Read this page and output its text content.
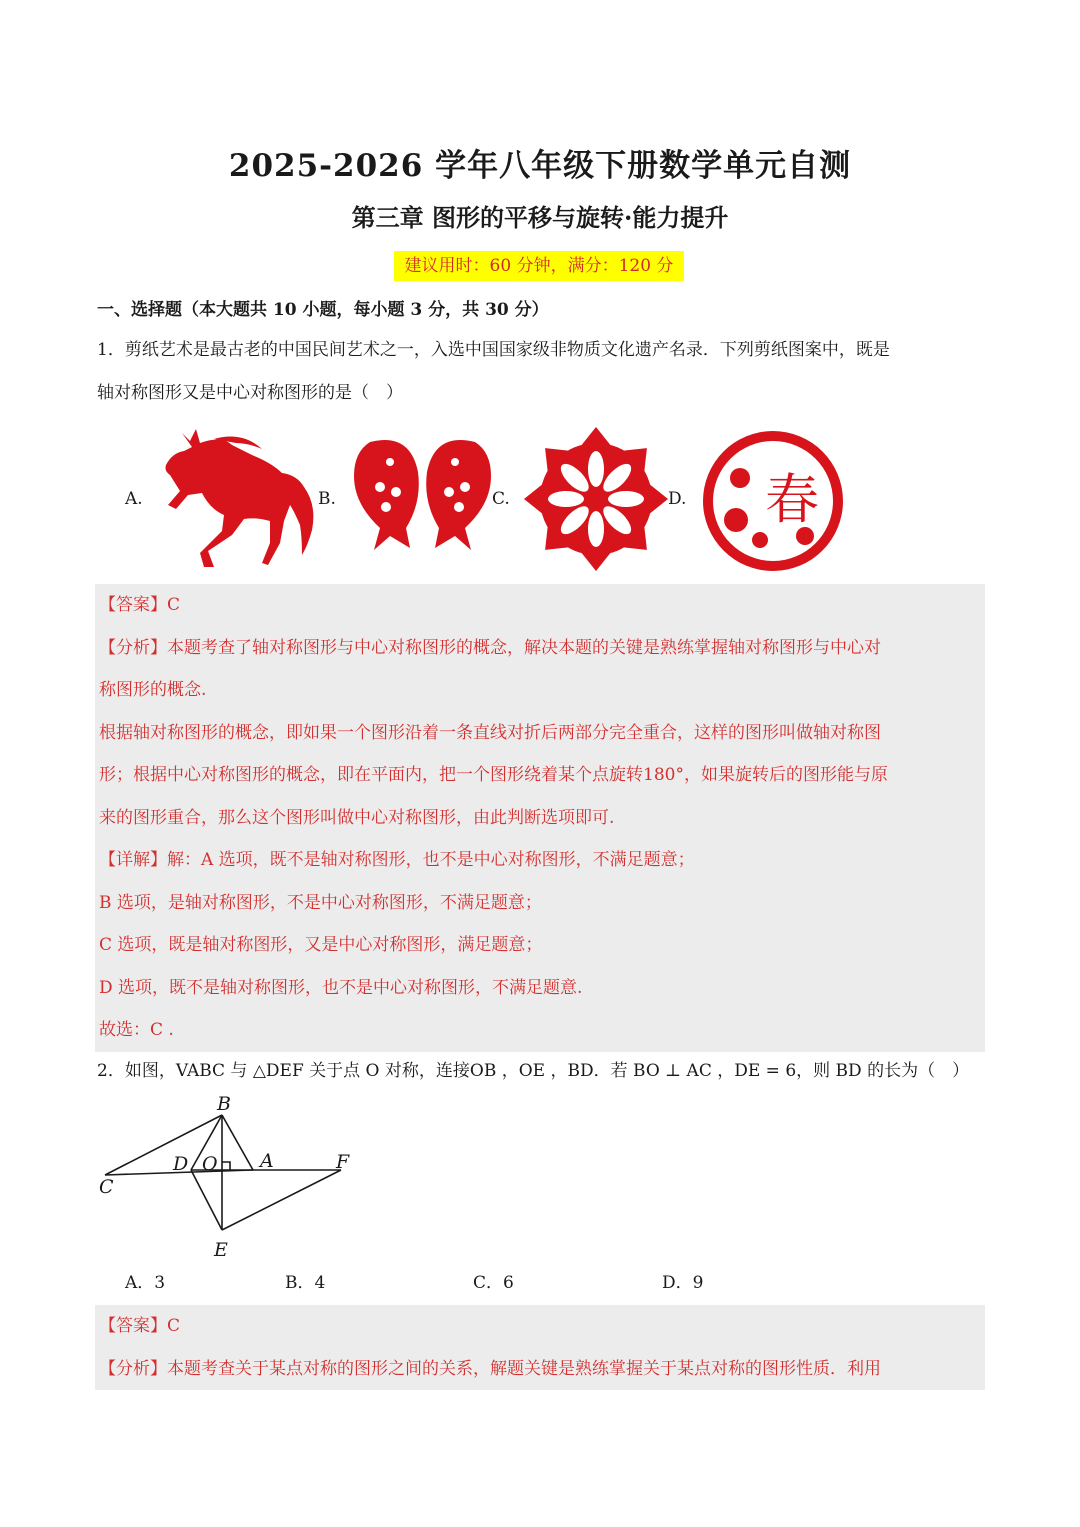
2025-2026 学年八年级下册数学单元自测
第三章 图形的平移与旋转·能力提升
建议用时：60 分钟，满分：120 分
一、选择题（本大题共 10 小题，每小题 3 分，共 30 分）
1．剪纸艺术是最古老的中国民间艺术之一，入选中国国家级非物质文化遗产名录．下列剪纸图案中，既是
轴对称图形又是中心对称图形的是（　）
A.	B.	C.	D. 春

【答案】C

【分析】本题考查了轴对称图形与中心对称图形的概念，解决本题的关键是熟练掌握轴对称图形与中心对

称图形的概念.

根据轴对称图形的概念，即如果一个图形沿着一条直线对折后两部分完全重合，这样的图形叫做轴对称图

形；根据中心对称图形的概念，即在平面内，把一个图形绕着某个点旋转180°，如果旋转后的图形能与原

来的图形重合，那么这个图形叫做中心对称图形，由此判断选项即可.

【详解】解：A 选项，既不是轴对称图形，也不是中心对称图形，不满足题意；

B 选项，是轴对称图形，不是中心对称图形，不满足题意；

C 选项，既是轴对称图形，又是中心对称图形，满足题意；

D 选项，既不是轴对称图形，也不是中心对称图形，不满足题意.

故选：C .

2．如图，VABC 与 △DEF 关于点 O 对称，连接OB ，OE ，BD．若 BO ⊥ AC ，DE = 6，则 BD 的长为（　）
B
D O A	F
C
E
A．3	B．4	C．6	D．9

【答案】C

【分析】本题考查关于某点对称的图形之间的关系，解题关键是熟练掌握关于某点对称的图形性质．利用
